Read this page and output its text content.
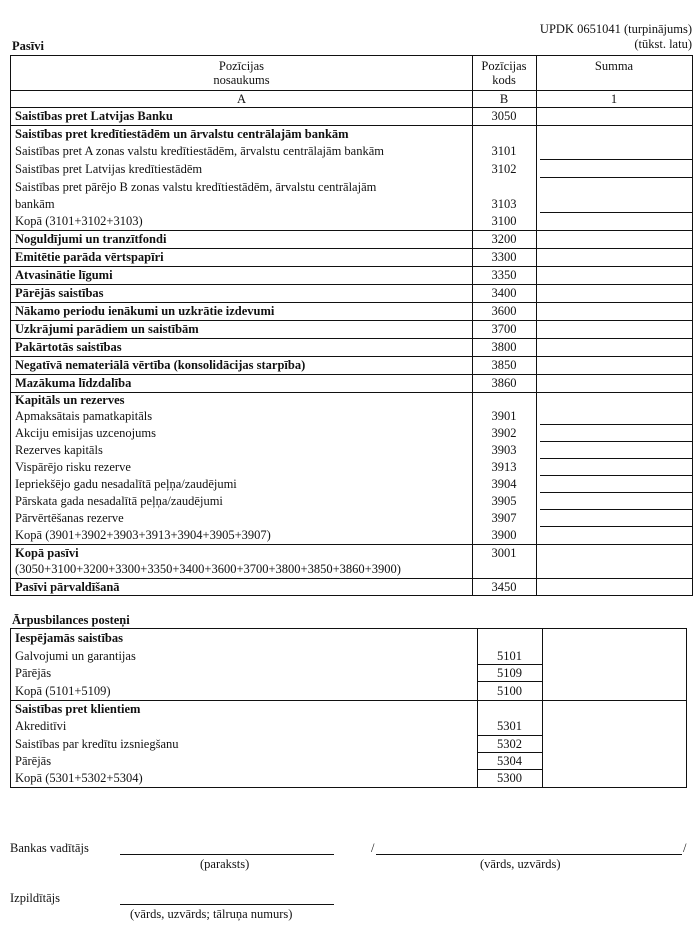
UPDK 0651041 (turpinājums)
(tūkst. latu)
Pasīvi
Pozīcijas
nosaukums
Pozīcijas
kods
Summa
A	B	1
Saistības pret Latvijas Banku	3050
Saistības pret kredītiestādēm un ārvalstu centrālajām bankām
Saistības pret A zonas valstu kredītiestādēm, ārvalstu centrālajām bankām	3101
Saistības pret Latvijas kredītiestādēm	3102
Saistības pret pārējo B zonas valstu kredītiestādēm, ārvalstu centrālajām
bankām	3103
Kopā (3101+3102+3103)	3100
Noguldījumi un tranzītfondi	3200
Emitētie parāda vērtspapīri	3300
Atvasinātie līgumi	3350
Pārējās saistības	3400
Nākamo periodu ienākumi un uzkrātie izdevumi	3600
Uzkrājumi parādiem un saistībām	3700
Pakārtotās saistības	3800
Negatīvā nemateriālā vērtība (konsolidācijas starpība)	3850
Mazākuma līdzdalība	3860
Kapitāls un rezerves
Apmaksātais pamatkapitāls	3901
Akciju emisijas uzcenojums	3902
Rezerves kapitāls	3903
Vispārējo risku rezerve	3913
Iepriekšējo gadu nesadalītā peļņa/zaudējumi	3904
Pārskata gada nesadalītā peļņa/zaudējumi	3905
Pārvērtēšanas rezerve	3907
Kopā (3901+3902+3903+3913+3904+3905+3907)	3900
Kopā pasīvi	3001
(3050+3100+3200+3300+3350+3400+3600+3700+3800+3850+3860+3900)
Pasīvi pārvaldīšanā	3450
Ārpusbilances posteņi
Iespējamās saistības
Galvojumi un garantijas	5101
Pārējās	5109
Kopā (5101+5109)	5100
Saistības pret klientiem
Akreditīvi	5301
Saistības par kredītu izsniegšanu	5302
Pārējās	5304
Kopā (5301+5302+5304)	5300
Bankas vadītājs
(paraksts)
/	/
(vārds, uzvārds)
Izpildītājs
(vārds, uzvārds; tālruņa numurs)
